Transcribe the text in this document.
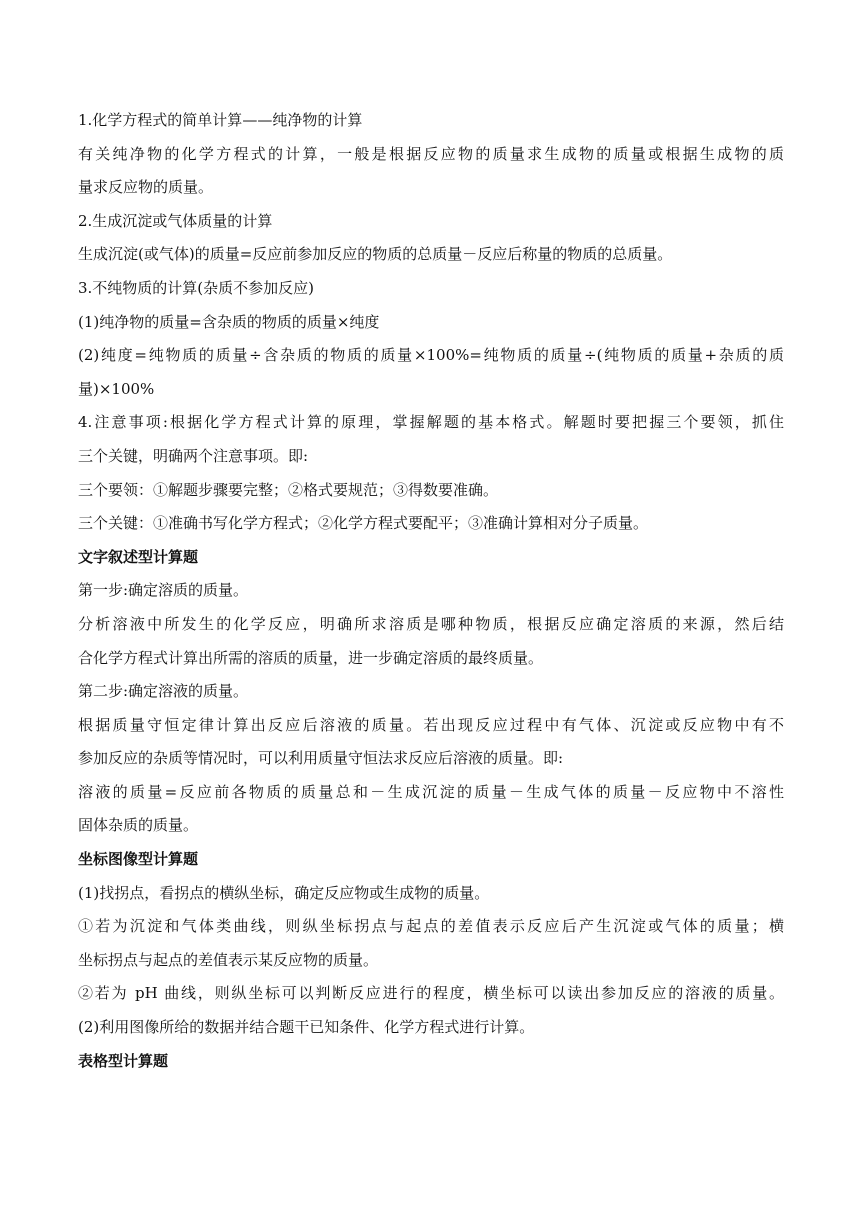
1.化学方程式的简单计算——纯净物的计算
有关纯净物的化学方程式的计算，一般是根据反应物的质量求生成物的质量或根据生成物的质
量求反应物的质量。
2.生成沉淀或气体质量的计算
生成沉淀(或气体)的质量=反应前参加反应的物质的总质量－反应后称量的物质的总质量。
3.不纯物质的计算(杂质不参加反应)
(1)纯净物的质量=含杂质的物质的质量×纯度
(2)纯度=纯物质的质量÷含杂质的物质的质量×100%=纯物质的质量÷(纯物质的质量+杂质的质
量)×100%
4.注意事项:根据化学方程式计算的原理，掌握解题的基本格式。解题时要把握三个要领，抓住
三个关键，明确两个注意事项。即:
三个要领：①解题步骤要完整；②格式要规范；③得数要准确。
三个关键：①准确书写化学方程式；②化学方程式要配平；③准确计算相对分子质量。
文字叙述型计算题
第一步:确定溶质的质量。
分析溶液中所发生的化学反应，明确所求溶质是哪种物质，根据反应确定溶质的来源，然后结
合化学方程式计算出所需的溶质的质量，进一步确定溶质的最终质量。
第二步:确定溶液的质量。
根据质量守恒定律计算出反应后溶液的质量。若出现反应过程中有气体、沉淀或反应物中有不
参加反应的杂质等情况时，可以利用质量守恒法求反应后溶液的质量。即:
溶液的质量=反应前各物质的质量总和－生成沉淀的质量－生成气体的质量－反应物中不溶性
固体杂质的质量。
坐标图像型计算题
(1)找拐点，看拐点的横纵坐标，确定反应物或生成物的质量。
①若为沉淀和气体类曲线，则纵坐标拐点与起点的差值表示反应后产生沉淀或气体的质量；横
坐标拐点与起点的差值表示某反应物的质量。
②若为 pH 曲线，则纵坐标可以判断反应进行的程度，横坐标可以读出参加反应的溶液的质量。
(2)利用图像所给的数据并结合题干已知条件、化学方程式进行计算。
表格型计算题
